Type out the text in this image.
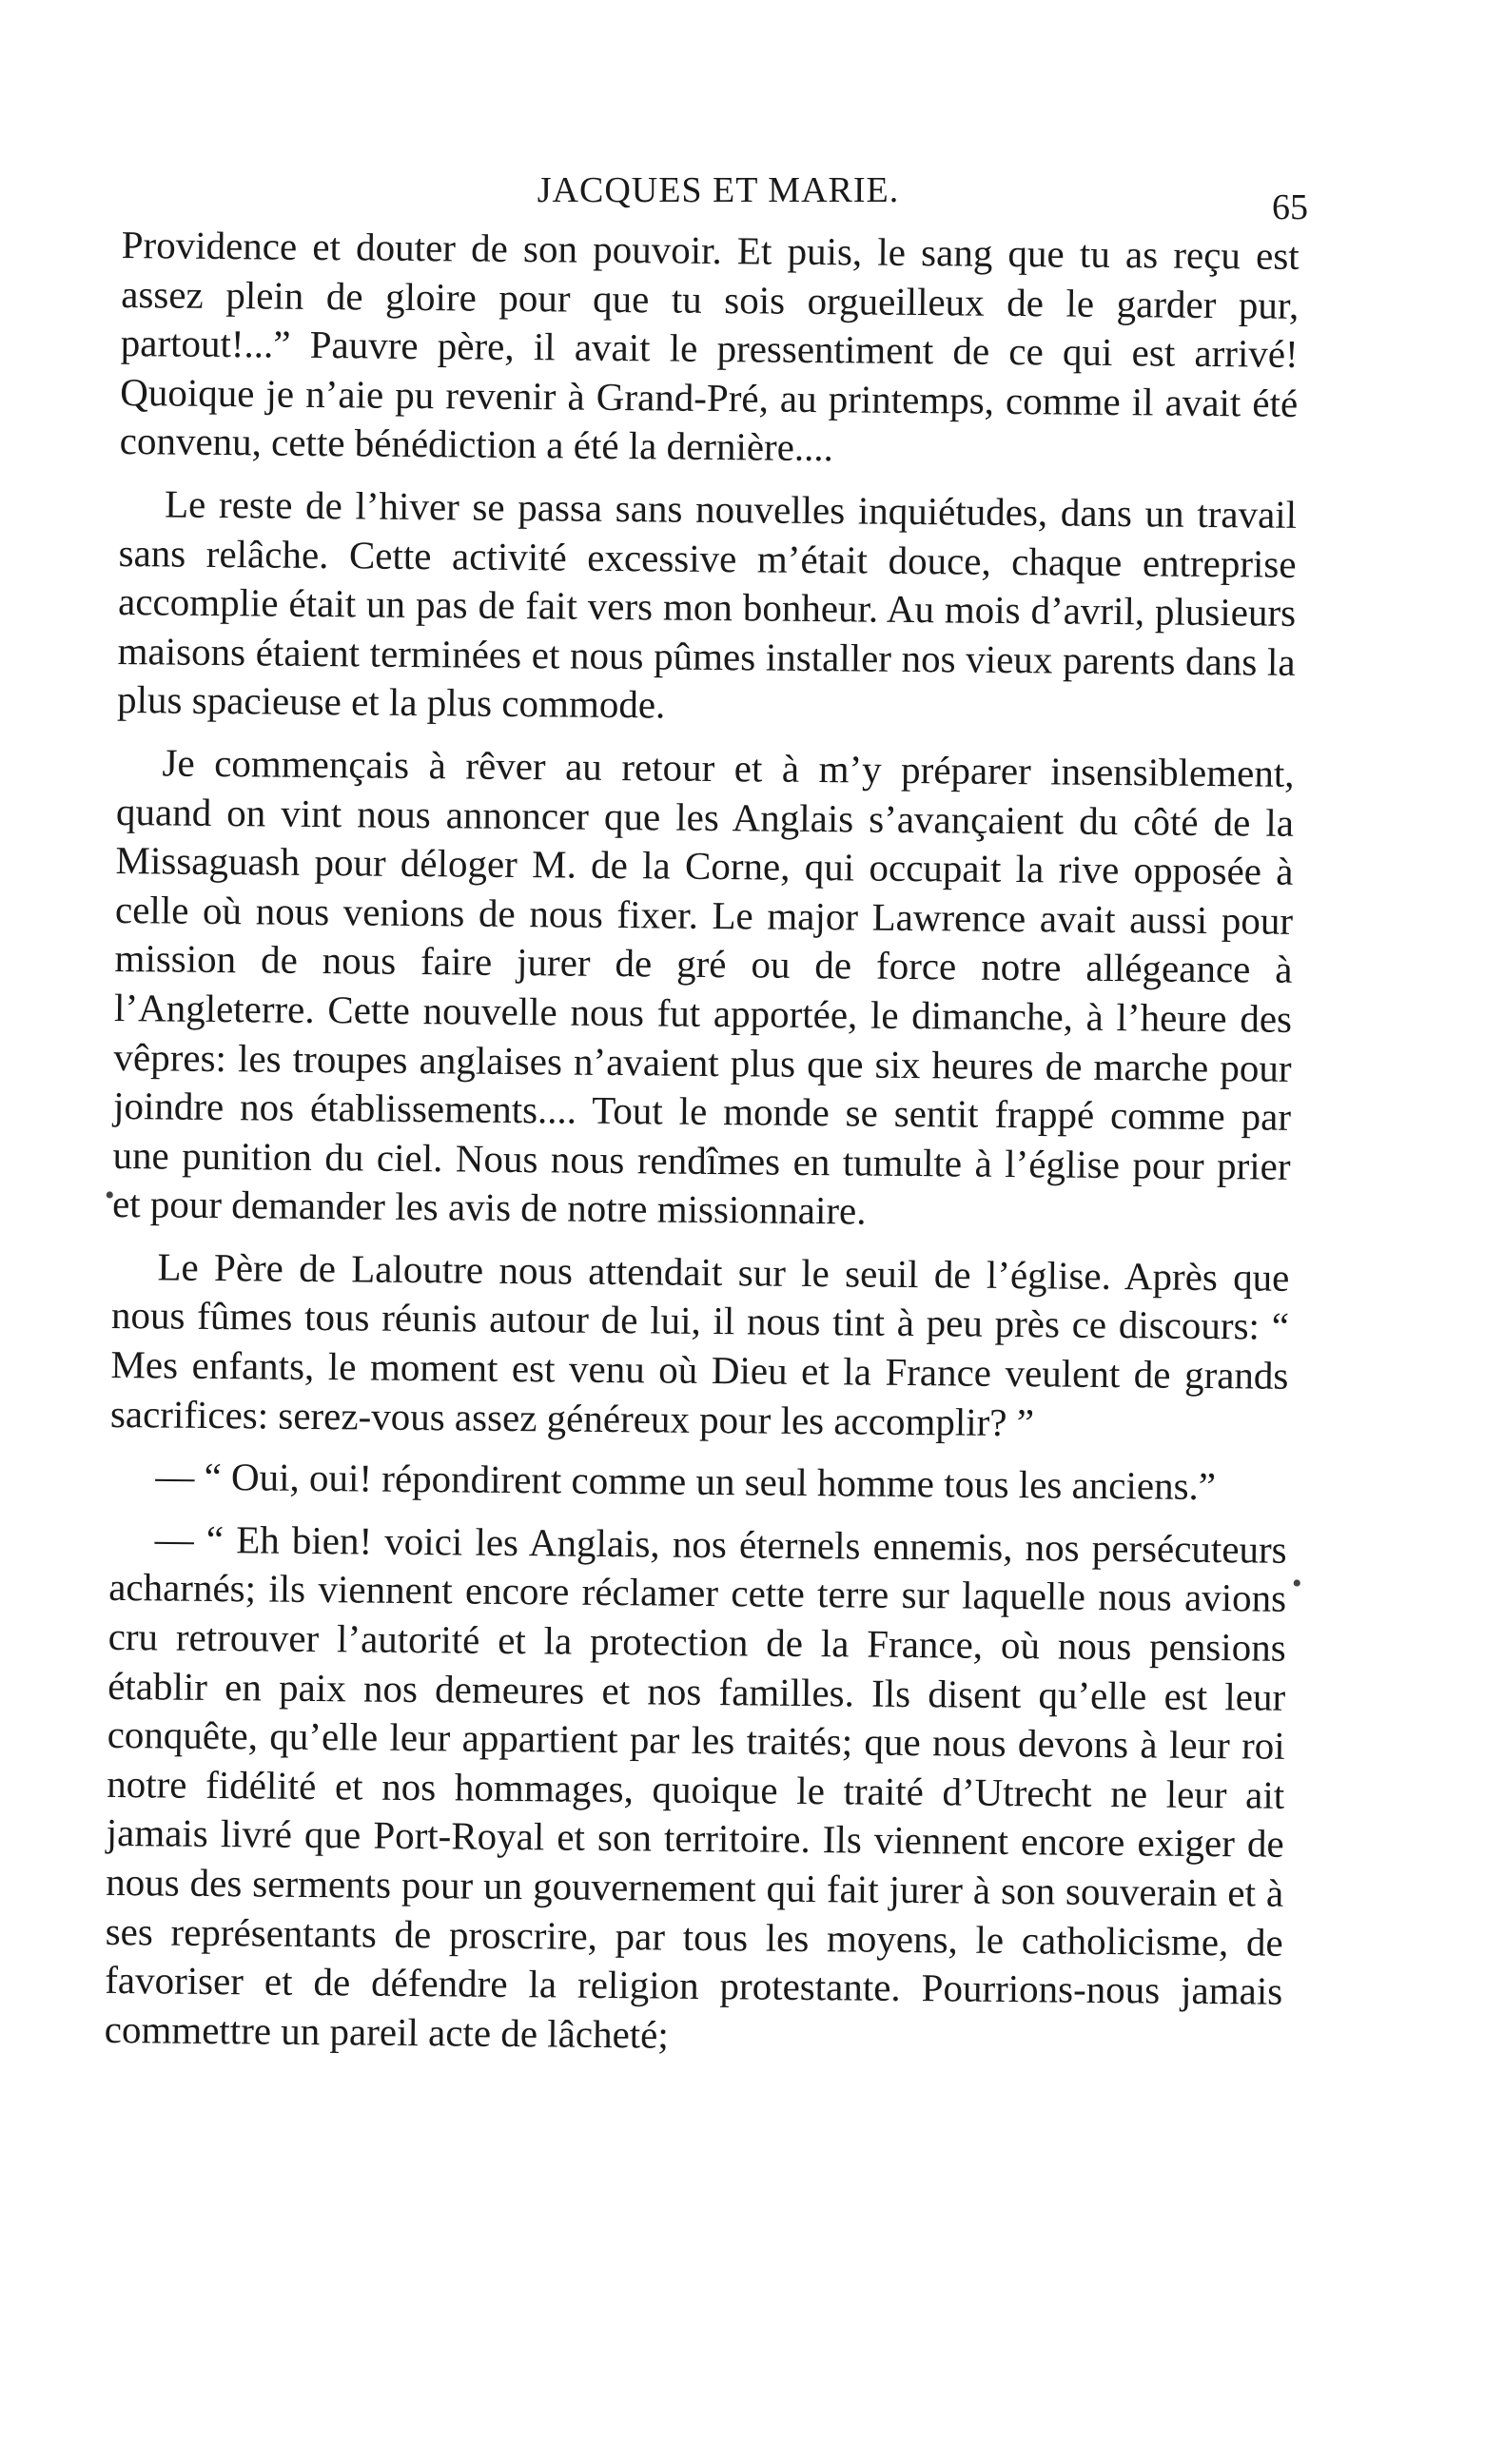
JACQUES ET MARIE.	65

Providence et douter de son pouvoir. Et puis, le sang que tu as reçu est assez plein de gloire pour que tu sois orgueilleux de le garder pur, partout!...” Pauvre père, il avait le pressentiment de ce qui est arrivé! Quoique je n’aie pu revenir à Grand-Pré, au printemps, comme il avait été convenu, cette bénédiction a été la dernière....

Le reste de l’hiver se passa sans nouvelles inquiétudes, dans un travail sans relâche. Cette activité excessive m’était douce, chaque entreprise accomplie était un pas de fait vers mon bonheur. Au mois d’avril, plusieurs maisons étaient terminées et nous pûmes installer nos vieux parents dans la plus spacieuse et la plus commode.

Je commençais à rêver au retour et à m’y préparer insensiblement, quand on vint nous annoncer que les Anglais s’avançaient du côté de la Missaguash pour déloger M. de la Corne, qui occupait la rive opposée à celle où nous venions de nous fixer. Le major Lawrence avait aussi pour mission de nous faire jurer de gré ou de force notre allégeance à l’Angleterre. Cette nouvelle nous fut apportée, le dimanche, à l’heure des vêpres: les troupes anglaises n’avaient plus que six heures de marche pour joindre nos établissements.... Tout le monde se sentit frappé comme par une punition du ciel. Nous nous rendîmes en tumulte à l’église pour prier et pour demander les avis de notre missionnaire.

Le Père de Laloutre nous attendait sur le seuil de l’église. Après que nous fûmes tous réunis autour de lui, il nous tint à peu près ce discours: “ Mes enfants, le moment est venu où Dieu et la France veulent de grands sacrifices: serez-vous assez généreux pour les accomplir? ”

— “ Oui, oui! répondirent comme un seul homme tous les anciens.”

— “ Eh bien! voici les Anglais, nos éternels ennemis, nos persécuteurs acharnés; ils viennent encore réclamer cette terre sur laquelle nous avions cru retrouver l’autorité et la protection de la France, où nous pensions établir en paix nos demeures et nos familles. Ils disent qu’elle est leur conquête, qu’elle leur appartient par les traités; que nous devons à leur roi notre fidélité et nos hommages, quoique le traité d’Utrecht ne leur ait jamais livré que Port-Royal et son territoire. Ils viennent encore exiger de nous des serments pour un gouvernement qui fait jurer à son souverain et à ses représentants de proscrire, par tous les moyens, le catholicisme, de favoriser et de défendre la religion protestante. Pourrions-nous jamais commettre un pareil acte de lâcheté;

•
•
